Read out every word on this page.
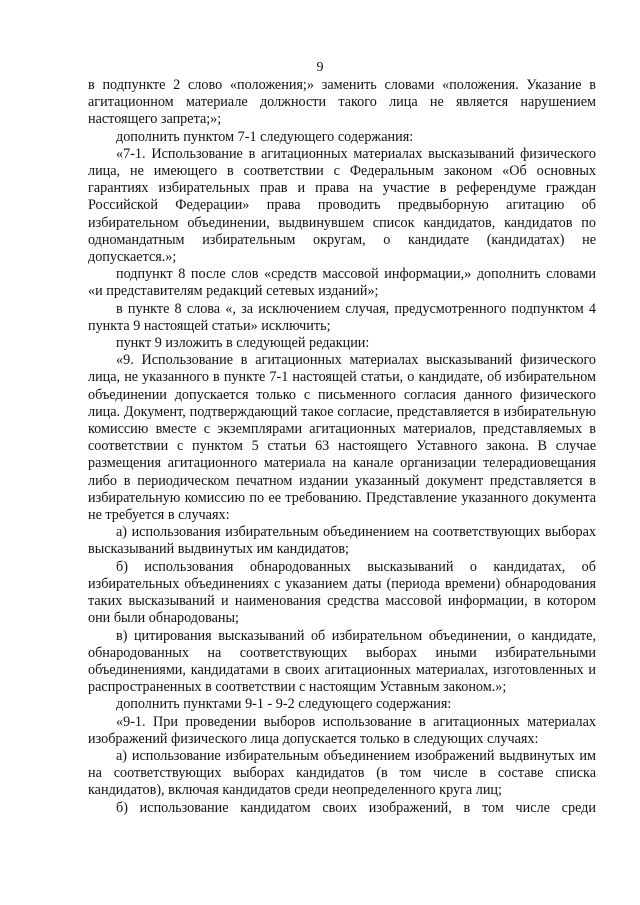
9

в подпункте 2 слово «положения;» заменить словами «положения. Указание в агитационном материале должности такого лица не является нарушением настоящего запрета;»;

дополнить пунктом 7-1 следующего содержания:

«7-1. Использование в агитационных материалах высказываний физического лица, не имеющего в соответствии с Федеральным законом «Об основных гарантиях избирательных прав и права на участие в референдуме граждан Российской Федерации» права проводить предвыборную агитацию об избирательном объединении, выдвинувшем список кандидатов, кандидатов по одномандатным избирательным округам, о кандидате (кандидатах) не допускается.»;

подпункт 8 после слов «средств массовой информации,» дополнить словами «и представителям редакций сетевых изданий»;

в пункте 8 слова «, за исключением случая, предусмотренного подпунктом 4 пункта 9 настоящей статьи» исключить;

пункт 9 изложить в следующей редакции:

«9. Использование в агитационных материалах высказываний физического лица, не указанного в пункте 7-1 настоящей статьи, о кандидате, об избирательном объединении допускается только с письменного согласия данного физического лица. Документ, подтверждающий такое согласие, представляется в избирательную комиссию вместе с экземплярами агитационных материалов, представляемых в соответствии с пунктом 5 статьи 63 настоящего Уставного закона. В случае размещения агитационного материала на канале организации телерадиовещания либо в периодическом печатном издании указанный документ представляется в избирательную комиссию по ее требованию. Представление указанного документа не требуется в случаях:

а) использования избирательным объединением на соответствующих выборах высказываний выдвинутых им кандидатов;

б) использования обнародованных высказываний о кандидатах, об избирательных объединениях с указанием даты (периода времени) обнародования таких высказываний и наименования средства массовой информации, в котором они были обнародованы;

в) цитирования высказываний об избирательном объединении, о кандидате, обнародованных на соответствующих выборах иными избирательными объединениями, кандидатами в своих агитационных материалах, изготовленных и распространенных в соответствии с настоящим Уставным законом.»;

дополнить пунктами 9-1 - 9-2 следующего содержания:

«9-1. При проведении выборов использование в агитационных материалах изображений физического лица допускается только в следующих случаях:

а) использование избирательным объединением изображений выдвинутых им на соответствующих выборах кандидатов (в том числе в составе списка кандидатов), включая кандидатов среди неопределенного круга лиц;

б) использование кандидатом своих изображений, в том числе среди
